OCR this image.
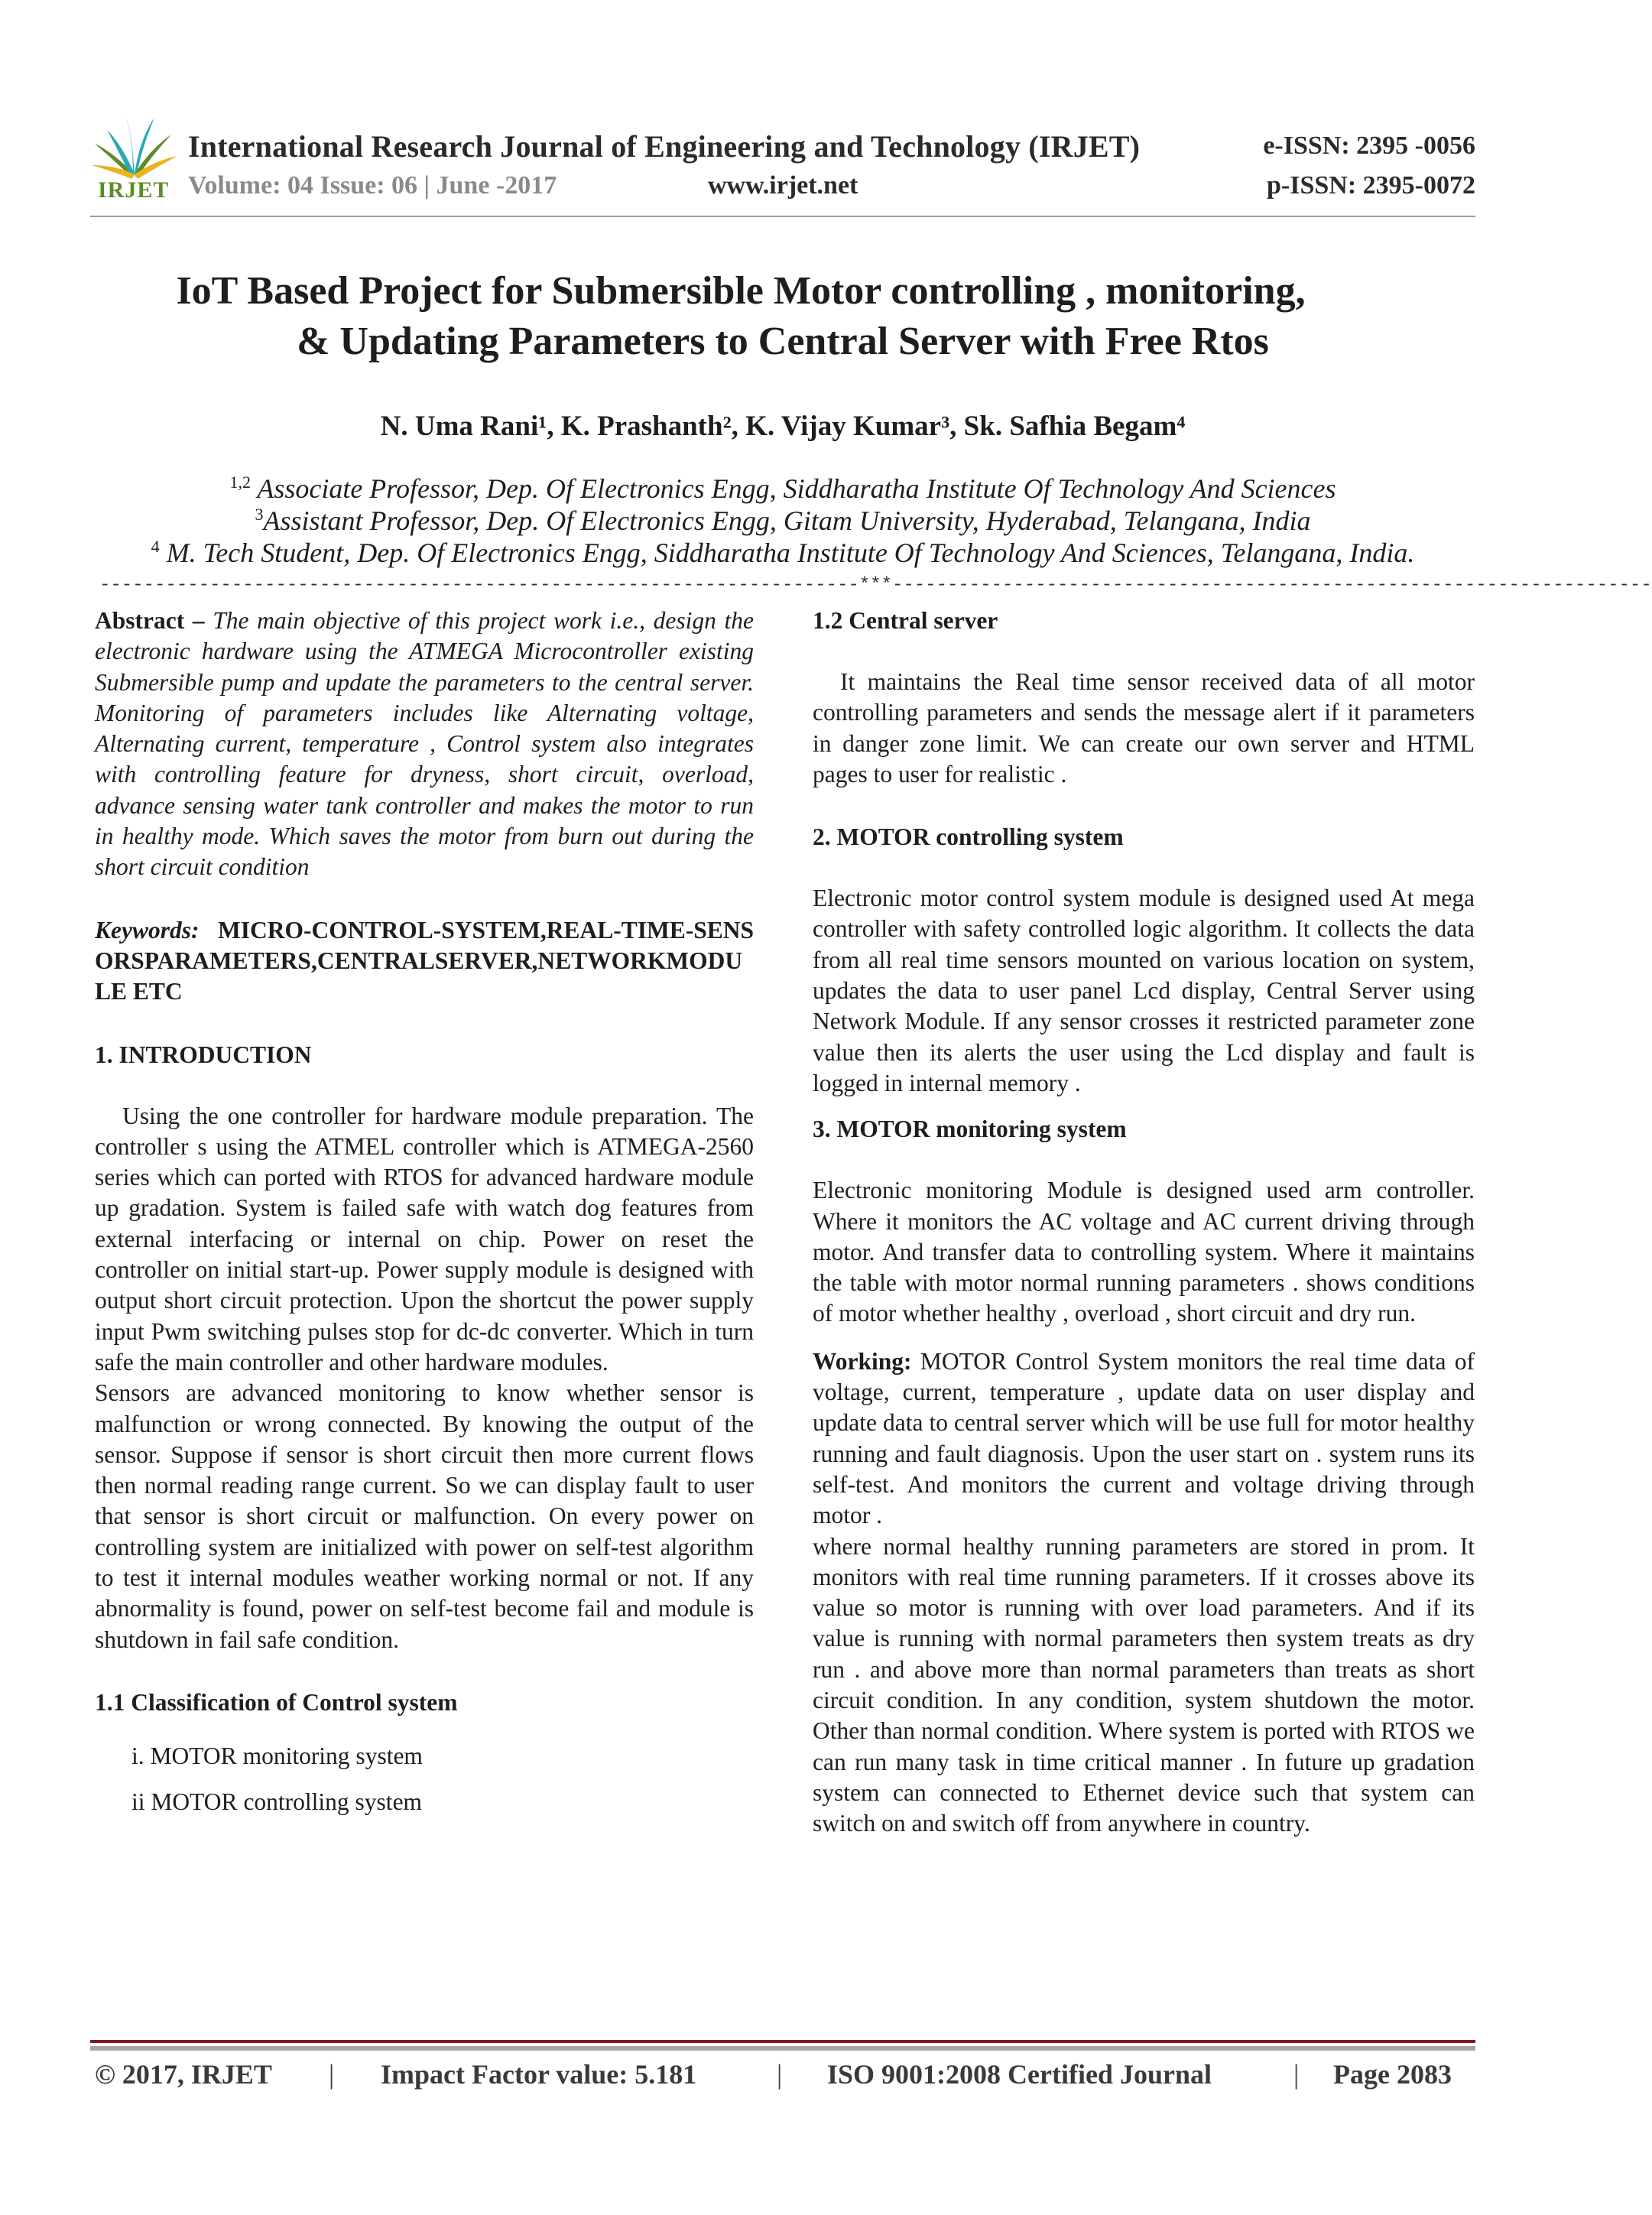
IRJET
International Research Journal of Engineering and Technology (IRJET)	e-ISSN: 2395 -0056
Volume: 04 Issue: 06 | June -2017	www.irjet.net	p-ISSN: 2395-0072
IoT Based Project for Submersible Motor controlling , monitoring,
& Updating Parameters to Central Server with Free Rtos
N. Uma Rani¹, K. Prashanth², K. Vijay Kumar³, Sk. Safhia Begam⁴
$^{1,2}$ Associate Professor, Dep. Of Electronics Engg, Siddharatha Institute Of Technology And Sciences
$^3$Assistant Professor, Dep. Of Electronics Engg, Gitam University, Hyderabad, Telangana, India
$^4$ M. Tech Student, Dep. Of Electronics Engg, Siddharatha Institute Of Technology And Sciences, Telangana, India.
---------------------------------------------------------------------***---------------------------------------------------------------------

Abstract – The main objective of this project work i.e., design the electronic hardware using the ATMEGA Microcontroller existing Submersible pump and update the parameters to the central server. Monitoring of parameters includes like Alternating voltage, Alternating current, temperature , Control system also integrates with controlling feature for dryness, short circuit, overload, advance sensing water tank controller and makes the motor to run in healthy mode. Which saves the motor from burn out during the short circuit condition

Keywords: MICRO-CONTROL-SYSTEM,REAL-TIME-SENSORSPARAMETERS,CENTRALSERVER,NETWORKMODULE ETC

1. INTRODUCTION

Using the one controller for hardware module preparation. The controller s using the ATMEL controller which is ATMEGA-2560 series which can ported with RTOS for advanced hardware module up gradation. System is failed safe with watch dog features from external interfacing or internal on chip. Power on reset the controller on initial start-up. Power supply module is designed with output short circuit protection. Upon the shortcut the power supply input Pwm switching pulses stop for dc-dc converter. Which in turn safe the main controller and other hardware modules.

Sensors are advanced monitoring to know whether sensor is malfunction or wrong connected. By knowing the output of the sensor. Suppose if sensor is short circuit then more current flows then normal reading range current. So we can display fault to user that sensor is short circuit or malfunction. On every power on controlling system are initialized with power on self-test algorithm to test it internal modules weather working normal or not. If any abnormality is found, power on self-test become fail and module is shutdown in fail safe condition.

1.1 Classification of Control system
i. MOTOR monitoring system
ii MOTOR controlling system
1.2 Central server

It maintains the Real time sensor received data of all motor controlling parameters and sends the message alert if it parameters in danger zone limit. We can create our own server and HTML pages to user for realistic .

2. MOTOR controlling system

Electronic motor control system module is designed used At mega controller with safety controlled logic algorithm. It collects the data from all real time sensors mounted on various location on system, updates the data to user panel Lcd display, Central Server using Network Module. If any sensor crosses it restricted parameter zone value then its alerts the user using the Lcd display and fault is logged in internal memory .

3. MOTOR monitoring system

Electronic monitoring Module is designed used arm controller. Where it monitors the AC voltage and AC current driving through motor. And transfer data to controlling system. Where it maintains the table with motor normal running parameters . shows conditions of motor whether healthy , overload , short circuit and dry run.

Working: MOTOR Control System monitors the real time data of voltage, current, temperature , update data on user display and update data to central server which will be use full for motor healthy running and fault diagnosis. Upon the user start on . system runs its self-test. And monitors the current and voltage driving through motor .

where normal healthy running parameters are stored in prom. It monitors with real time running parameters. If it crosses above its value so motor is running with over load parameters. And if its value is running with normal parameters then system treats as dry run . and above more than normal parameters than treats as short circuit condition. In any condition, system shutdown the motor. Other than normal condition. Where system is ported with RTOS we can run many task in time critical manner . In future up gradation system can connected to Ethernet device such that system can switch on and switch off from anywhere in country.

© 2017, IRJET | Impact Factor value: 5.181	| ISO 9001:2008 Certified Journal	| Page 2083
